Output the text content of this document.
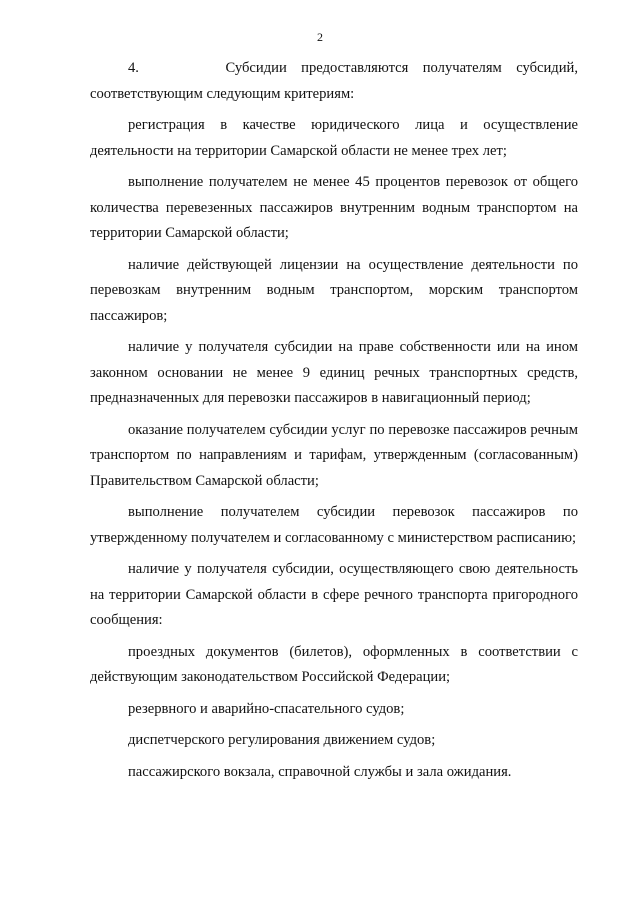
2

4.      Субсидии предоставляются получателям субсидий, соответствующим следующим критериям:

регистрация в качестве юридического лица и осуществление деятельности на территории Самарской области не менее трех лет;

выполнение получателем не менее 45 процентов перевозок от общего количества перевезенных пассажиров внутренним водным транспортом на территории Самарской области;

наличие действующей лицензии на осуществление деятельности по перевозкам внутренним водным транспортом, морским транспортом пассажиров;

наличие у получателя субсидии на праве собственности или на ином законном основании не менее 9 единиц речных транспортных средств, предназначенных для перевозки пассажиров в навигационный период;

оказание получателем субсидии услуг по перевозке пассажиров речным транспортом по направлениям и тарифам, утвержденным (согласованным) Правительством Самарской области;

выполнение получателем субсидии перевозок пассажиров по утвержденному получателем и согласованному с министерством расписанию;

наличие у получателя субсидии, осуществляющего свою деятельность на территории Самарской области в сфере речного транспорта пригородного сообщения:

проездных документов (билетов), оформленных в соответствии с действующим законодательством Российской Федерации;

резервного и аварийно-спасательного судов;

диспетчерского регулирования движением судов;

пассажирского вокзала, справочной службы и зала ожидания.
